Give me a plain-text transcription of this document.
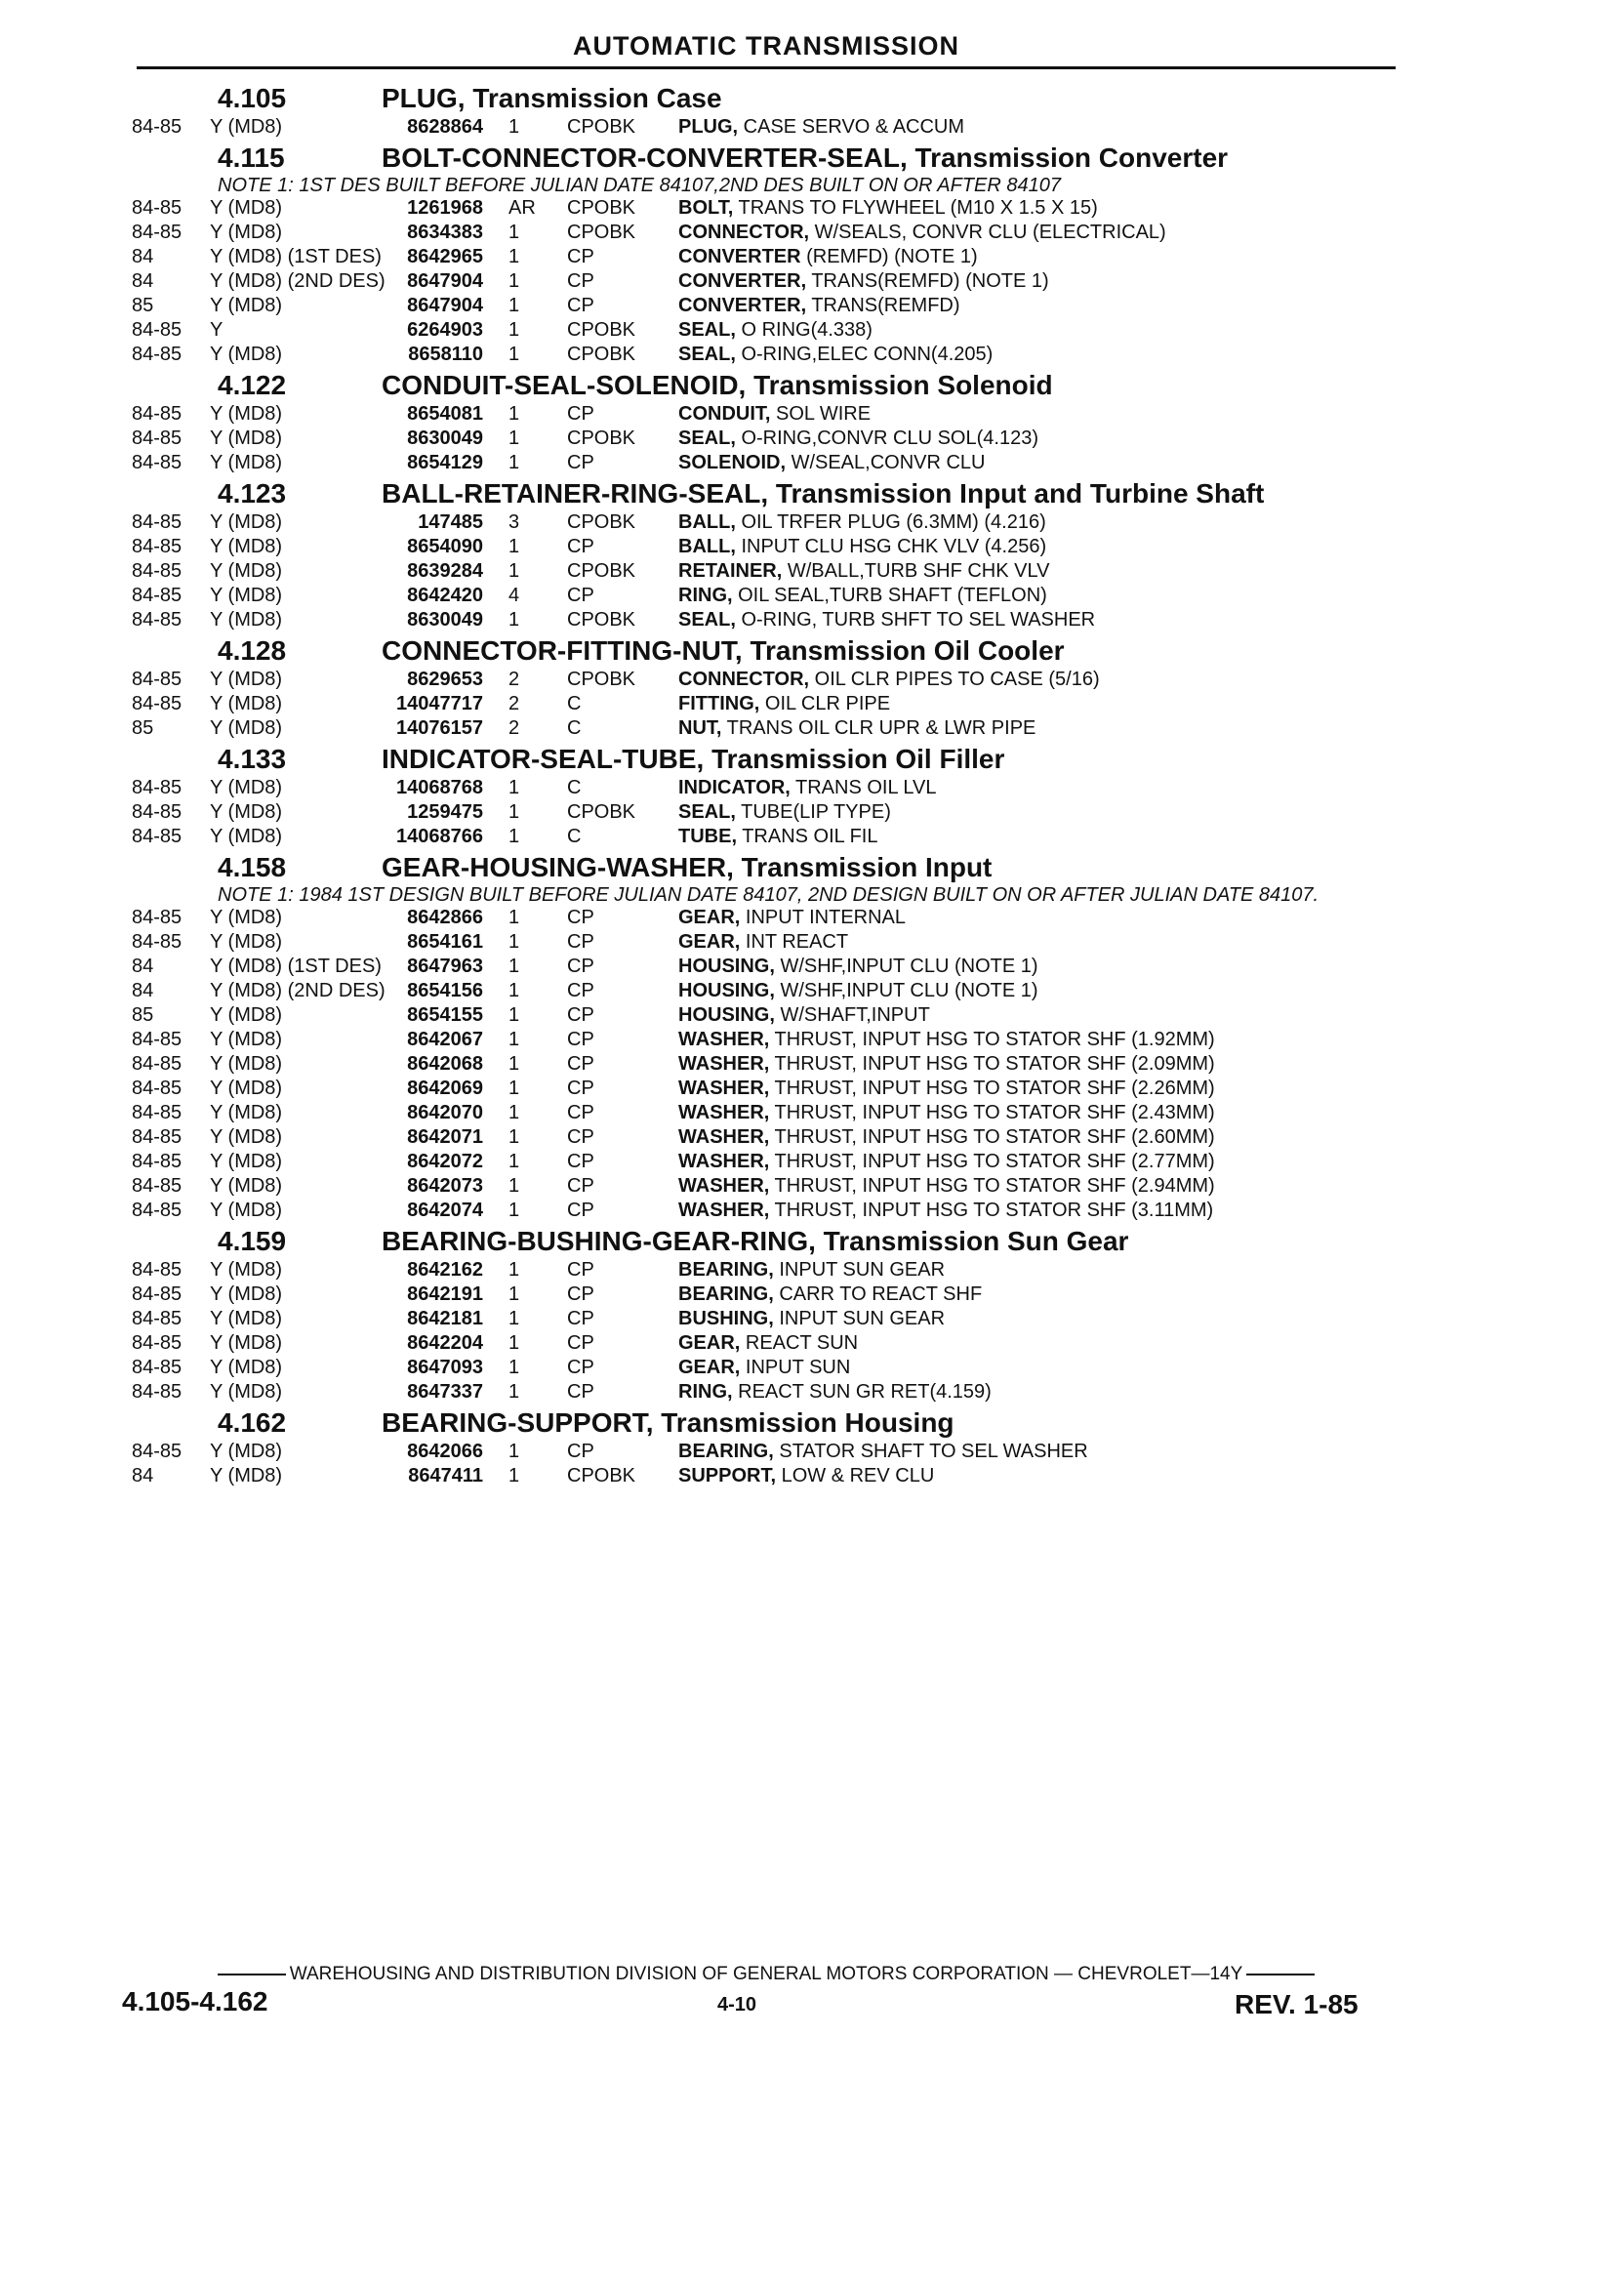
AUTOMATIC TRANSMISSION
4.105	PLUG, Transmission Case
84-85	Y (MD8)	8628864	1	CPOBK	PLUG, CASE SERVO & ACCUM
4.115	BOLT-CONNECTOR-CONVERTER-SEAL, Transmission Converter
NOTE 1: 1ST DES BUILT BEFORE JULIAN DATE 84107,2ND DES BUILT ON OR AFTER 84107
84-85	Y (MD8)	1261968	AR	CPOBK	BOLT, TRANS TO FLYWHEEL (M10 X 1.5 X 15)
84-85	Y (MD8)	8634383	1	CPOBK	CONNECTOR, W/SEALS, CONVR CLU (ELECTRICAL)
84	Y (MD8) (1ST DES)	8642965	1	CP	CONVERTER (REMFD) (NOTE 1)
84	Y (MD8) (2ND DES)	8647904	1	CP	CONVERTER, TRANS(REMFD) (NOTE 1)
85	Y (MD8)	8647904	1	CP	CONVERTER, TRANS(REMFD)
84-85	Y	6264903	1	CPOBK	SEAL, O RING(4.338)
84-85	Y (MD8)	8658110	1	CPOBK	SEAL, O-RING,ELEC CONN(4.205)
4.122	CONDUIT-SEAL-SOLENOID, Transmission Solenoid
84-85	Y (MD8)	8654081	1	CP	CONDUIT, SOL WIRE
84-85	Y (MD8)	8630049	1	CPOBK	SEAL, O-RING,CONVR CLU SOL(4.123)
84-85	Y (MD8)	8654129	1	CP	SOLENOID, W/SEAL,CONVR CLU
4.123	BALL-RETAINER-RING-SEAL, Transmission Input and Turbine Shaft
84-85	Y (MD8)	147485	3	CPOBK	BALL, OIL TRFER PLUG (6.3MM) (4.216)
84-85	Y (MD8)	8654090	1	CP	BALL, INPUT CLU HSG CHK VLV (4.256)
84-85	Y (MD8)	8639284	1	CPOBK	RETAINER, W/BALL,TURB SHF CHK VLV
84-85	Y (MD8)	8642420	4	CP	RING, OIL SEAL,TURB SHAFT (TEFLON)
84-85	Y (MD8)	8630049	1	CPOBK	SEAL, O-RING, TURB SHFT TO SEL WASHER
4.128	CONNECTOR-FITTING-NUT, Transmission Oil Cooler
84-85	Y (MD8)	8629653	2	CPOBK	CONNECTOR, OIL CLR PIPES TO CASE (5/16)
84-85	Y (MD8)	14047717	2	C	FITTING, OIL CLR PIPE
85	Y (MD8)	14076157	2	C	NUT, TRANS OIL CLR UPR & LWR PIPE
4.133	INDICATOR-SEAL-TUBE, Transmission Oil Filler
84-85	Y (MD8)	14068768	1	C	INDICATOR, TRANS OIL LVL
84-85	Y (MD8)	1259475	1	CPOBK	SEAL, TUBE(LIP TYPE)
84-85	Y (MD8)	14068766	1	C	TUBE, TRANS OIL FIL
4.158	GEAR-HOUSING-WASHER, Transmission Input
NOTE 1: 1984 1ST DESIGN BUILT BEFORE JULIAN DATE 84107, 2ND DESIGN BUILT ON OR AFTER JULIAN DATE 84107.
84-85	Y (MD8)	8642866	1	CP	GEAR, INPUT INTERNAL
84-85	Y (MD8)	8654161	1	CP	GEAR, INT REACT
84	Y (MD8) (1ST DES)	8647963	1	CP	HOUSING, W/SHF,INPUT CLU (NOTE 1)
84	Y (MD8) (2ND DES)	8654156	1	CP	HOUSING, W/SHF,INPUT CLU (NOTE 1)
85	Y (MD8)	8654155	1	CP	HOUSING, W/SHAFT,INPUT
84-85	Y (MD8)	8642067	1	CP	WASHER, THRUST, INPUT HSG TO STATOR SHF (1.92MM)
84-85	Y (MD8)	8642068	1	CP	WASHER, THRUST, INPUT HSG TO STATOR SHF (2.09MM)
84-85	Y (MD8)	8642069	1	CP	WASHER, THRUST, INPUT HSG TO STATOR SHF (2.26MM)
84-85	Y (MD8)	8642070	1	CP	WASHER, THRUST, INPUT HSG TO STATOR SHF (2.43MM)
84-85	Y (MD8)	8642071	1	CP	WASHER, THRUST, INPUT HSG TO STATOR SHF (2.60MM)
84-85	Y (MD8)	8642072	1	CP	WASHER, THRUST, INPUT HSG TO STATOR SHF (2.77MM)
84-85	Y (MD8)	8642073	1	CP	WASHER, THRUST, INPUT HSG TO STATOR SHF (2.94MM)
84-85	Y (MD8)	8642074	1	CP	WASHER, THRUST, INPUT HSG TO STATOR SHF (3.11MM)
4.159	BEARING-BUSHING-GEAR-RING, Transmission Sun Gear
84-85	Y (MD8)	8642162	1	CP	BEARING, INPUT SUN GEAR
84-85	Y (MD8)	8642191	1	CP	BEARING, CARR TO REACT SHF
84-85	Y (MD8)	8642181	1	CP	BUSHING, INPUT SUN GEAR
84-85	Y (MD8)	8642204	1	CP	GEAR, REACT SUN
84-85	Y (MD8)	8647093	1	CP	GEAR, INPUT SUN
84-85	Y (MD8)	8647337	1	CP	RING, REACT SUN GR RET(4.159)
4.162	BEARING-SUPPORT, Transmission Housing
84-85	Y (MD8)	8642066	1	CP	BEARING, STATOR SHAFT TO SEL WASHER
84	Y (MD8)	8647411	1	CPOBK	SUPPORT, LOW & REV CLU
WAREHOUSING AND DISTRIBUTION DIVISION OF GENERAL MOTORS CORPORATION — CHEVROLET—14Y
4.105-4.162	4-10	REV. 1-85
